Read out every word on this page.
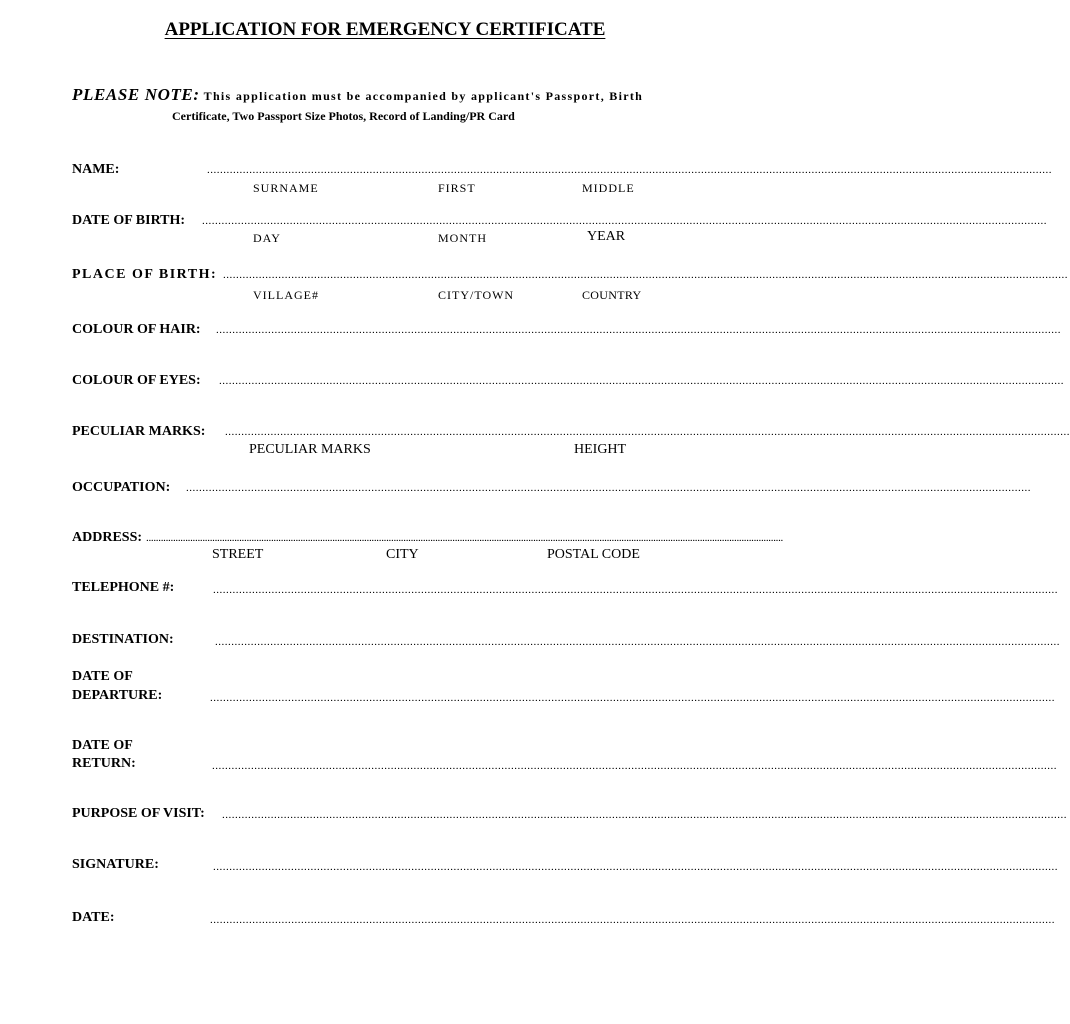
APPLICATION FOR EMERGENCY CERTIFICATE
PLEASE NOTE: This application must be accompanied by applicant's Passport, Birth
Certificate, Two Passport Size Photos, Record of Landing/PR Card
NAME:	....................................................................................................................................................................................................................................................................
SURNAME	FIRST	MIDDLE
DATE OF BIRTH: ....................................................................................................................................................................................................................................................................
DAY	MONTH	YEAR
PLACE OF BIRTH: ....................................................................................................................................................................................................................................................................
VILLAGE#	CITY/TOWN	COUNTRY
COLOUR OF HAIR: ....................................................................................................................................................................................................................................................................
COLOUR OF EYES: ....................................................................................................................................................................................................................................................................
PECULIAR MARKS: ....................................................................................................................................................................................................................................................................
PECULIAR MARKS	HEIGHT
OCCUPATION: ....................................................................................................................................................................................................................................................................
ADDRESS: ....................................................................................................................................................................................................................................................................
STREET	CITY	POSTAL CODE
TELEPHONE #:	....................................................................................................................................................................................................................................................................
DESTINATION:	....................................................................................................................................................................................................................................................................
DATE OF
DEPARTURE:	....................................................................................................................................................................................................................................................................
DATE OF
RETURN:	....................................................................................................................................................................................................................................................................
PURPOSE OF VISIT: ....................................................................................................................................................................................................................................................................
SIGNATURE:	....................................................................................................................................................................................................................................................................
DATE:	....................................................................................................................................................................................................................................................................
